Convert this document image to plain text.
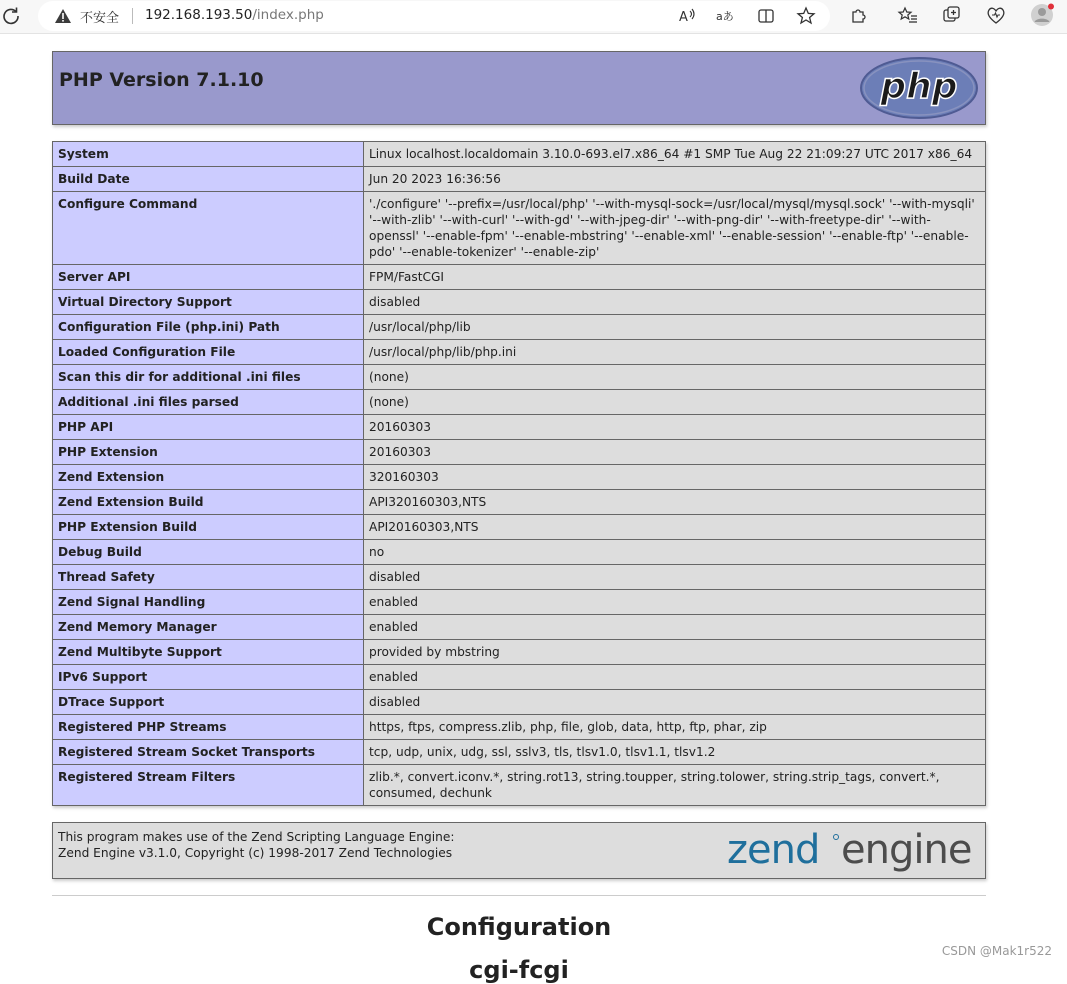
不安全 192.168.193.50/index.php	A	aあ
PHP Version 7.1.10	php
System	Linux localhost.localdomain 3.10.0-693.el7.x86_64 #1 SMP Tue Aug 22 21:09:27 UTC 2017 x86_64
Build Date	Jun 20 2023 16:36:56
Configure Command	'./configure' '--prefix=/usr/local/php' '--with-mysql-sock=/usr/local/mysql/mysql.sock' '--with-mysqli' '--with-zlib' '--with-curl' '--with-gd' '--with-jpeg-dir' '--with-png-dir' '--with-freetype-dir' '--with-openssl' '--enable-fpm' '--enable-mbstring' '--enable-xml' '--enable-session' '--enable-ftp' '--enable-pdo' '--enable-tokenizer' '--enable-zip'
Server API	FPM/FastCGI
Virtual Directory Support	disabled
Configuration File (php.ini) Path	/usr/local/php/lib
Loaded Configuration File	/usr/local/php/lib/php.ini
Scan this dir for additional .ini files	(none)
Additional .ini files parsed	(none)
PHP API	20160303
PHP Extension	20160303
Zend Extension	320160303
Zend Extension Build	API320160303,NTS
PHP Extension Build	API20160303,NTS
Debug Build	no
Thread Safety	disabled
Zend Signal Handling	enabled
Zend Memory Manager	enabled
Zend Multibyte Support	provided by mbstring
IPv6 Support	enabled
DTrace Support	disabled
Registered PHP Streams	https, ftps, compress.zlib, php, file, glob, data, http, ftp, phar, zip
Registered Stream Socket Transports	tcp, udp, unix, udg, ssl, sslv3, tls, tlsv1.0, tlsv1.1, tlsv1.2
Registered Stream Filters	zlib.*, convert.iconv.*, string.rot13, string.toupper, string.tolower, string.strip_tags, convert.*, consumed, dechunk
This program makes use of the Zend Scripting Language Engine:
Zend Engine v3.1.0, Copyright (c) 1998-2017 Zend Technologies	zend engine
Configuration
cgi-fcgi
CSDN @Mak1r522
